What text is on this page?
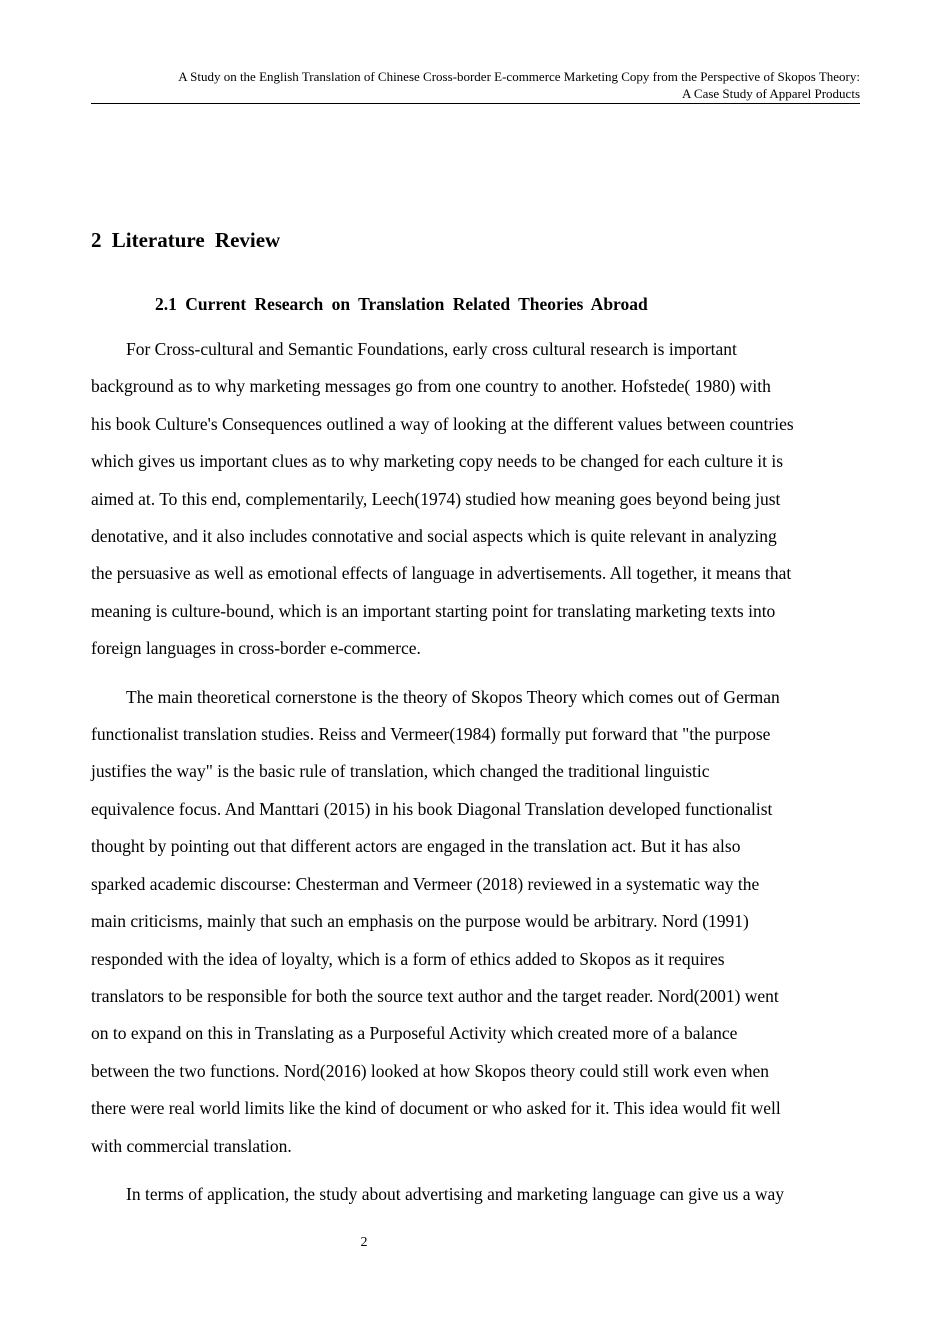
A Study on the English Translation of Chinese Cross-border E-commerce Marketing Copy from the Perspective of Skopos Theory:
A Case Study of Apparel Products
2 Literature Review
2.1 Current Research on Translation Related Theories Abroad

For Cross-cultural and Semantic Foundations, early cross cultural research is important
background as to why marketing messages go from one country to another. Hofstede( 1980) with
his book Culture's Consequences outlined a way of looking at the different values between countries
which gives us important clues as to why marketing copy needs to be changed for each culture it is
aimed at. To this end, complementarily, Leech(1974) studied how meaning goes beyond being just
denotative, and it also includes connotative and social aspects which is quite relevant in analyzing
the persuasive as well as emotional effects of language in advertisements. All together, it means that
meaning is culture-bound, which is an important starting point for translating marketing texts into
foreign languages in cross-border e-commerce.

The main theoretical cornerstone is the theory of Skopos Theory which comes out of German
functionalist translation studies. Reiss and Vermeer(1984) formally put forward that "the purpose
justifies the way" is the basic rule of translation, which changed the traditional linguistic
equivalence focus. And Manttari (2015) in his book Diagonal Translation developed functionalist
thought by pointing out that different actors are engaged in the translation act. But it has also
sparked academic discourse: Chesterman and Vermeer (2018) reviewed in a systematic way the
main criticisms, mainly that such an emphasis on the purpose would be arbitrary. Nord (1991)
responded with the idea of loyalty, which is a form of ethics added to Skopos as it requires
translators to be responsible for both the source text author and the target reader. Nord(2001) went
on to expand on this in Translating as a Purposeful Activity which created more of a balance
between the two functions. Nord(2016) looked at how Skopos theory could still work even when
there were real world limits like the kind of document or who asked for it. This idea would fit well
with commercial translation.

In terms of application, the study about advertising and marketing language can give us a way

2
